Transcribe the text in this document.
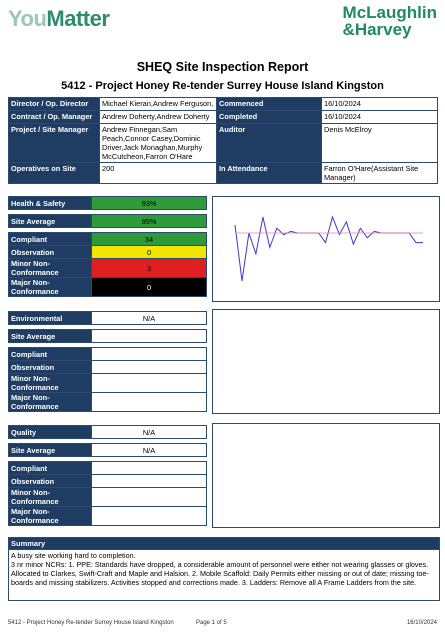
YouMatter	McLaughlin
&Harvey
SHEQ Site Inspection Report
5412 - Project Honey Re-tender Surrey House Island Kingston
Director / Op. Director	Michael Kieran,Andrew Ferguson,	Commenced	16/10/2024
Contract / Op. Manager	Andrew Doherty,Andrew Doherty	Completed	16/10/2024
Project / Site Manager	Andrew Finnegan,Sam Peach,Connor Casey,Dominic Driver,Jack Monaghan,Murphy McCutcheon,Farron O'Hare	Auditor	Denis McElroy
Operatives on Site	200	In Attendance	Farron O'Hare(Assistant Site Manager)
Health & Safety	93%

Site Average	95%

Compliant	34
Observation	0
Minor Non-Conformance	3
Major Non-Conformance	0
Environmental	N/A

Site Average	

Compliant	
Observation	
Minor Non-Conformance	
Major Non-Conformance	
Quality	N/A

Site Average	N/A

Compliant	
Observation	
Minor Non-Conformance	
Major Non-Conformance	
Summary
A busy site working hard to completion.
3 nr minor NCRs: 1. PPE: Standards have dropped, a considerable amount of personnel were either not wearing glasses or gloves. Allocated to Clarkes, Swift-Craft and Maple and Halsion. 2. Mobile Scaffold: Daily Permits either missing or out of date; missing toe-boards and missing stabilizers. Activities stopped and corrections made. 3. Ladders: Remove all A Frame Ladders from the site.
5412 - Project Honey Re-tender Surrey House Island Kingston	Page 1 of 5	16/10/2024
